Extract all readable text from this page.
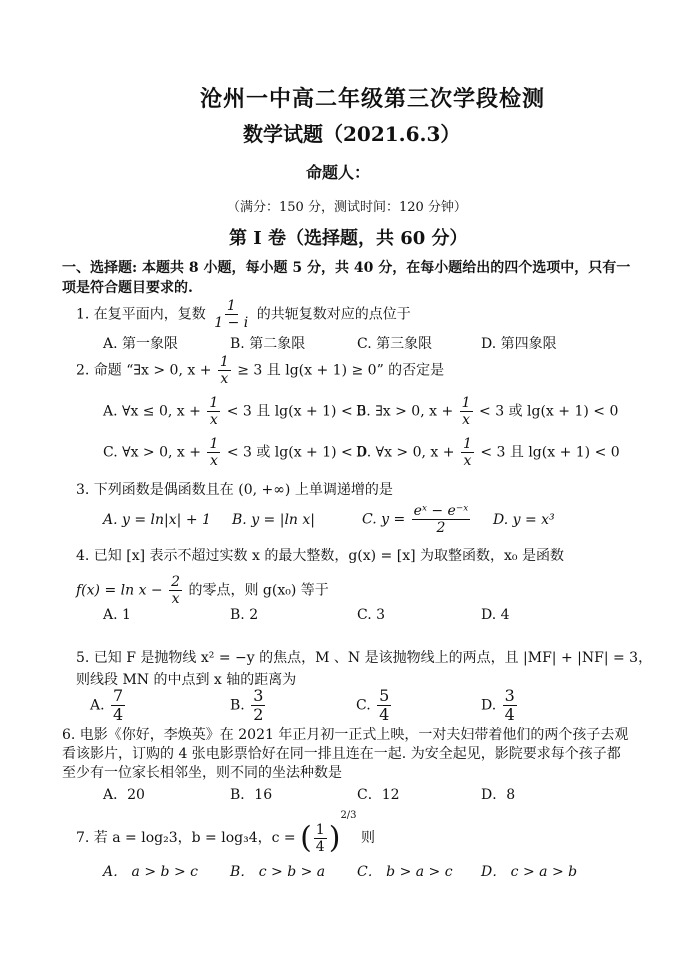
沧州一中高二年级第三次学段检测
数学试题（2021.6.3）
命题人：
（满分：150 分，测试时间：120 分钟）
第 I 卷（选择题，共 60 分）
一、选择题: 本题共 8 小题，每小题 5 分，共 40 分，在每小题给出的四个选项中，只有一项是符合题目要求的.
1. 在复平面内，复数 $\frac{1}{1 - i}$ 的共轭复数对应的点位于
A. 第一象限	B. 第二象限	C. 第三象限	D. 第四象限
2. 命题 “∃x > 0, $x + \frac{1}{x} \ge 3$ 且 lg(x + 1) ≥ 0” 的否定是
A. ∀x ≤ 0, $x + \frac{1}{x} < 3$ 且 lg(x + 1) < 0
B. ∃x > 0, $x + \frac{1}{x} < 3$ 或 lg(x + 1) < 0
C. ∀x > 0, $x + \frac{1}{x} < 3$ 或 lg(x + 1) < 0
D. ∀x > 0, $x + \frac{1}{x} < 3$ 且 lg(x + 1) < 0
3. 下列函数是偶函数且在 (0, +∞) 上单调递增的是
A. y = ln|x| + 1 B. y = |ln x|	C. $y = \frac{\text{eˣ − e⁻ˣ}}{2} D$. y = x³
4. 已知 [x] 表示不超过实数 x 的最大整数，g(x) = [x] 为取整函数，x₀ 是函数
$f(x) = \ln x - \frac{2}{x}$ 的零点，则 g(x₀) 等于
A. 1	B. 2	C. 3	D. 4
5. 已知 F 是抛物线 x² = −y 的焦点，M 、N 是该抛物线上的两点，且 |MF| + |NF| = 3，
则线段 MN 的中点到 x 轴的距离为
A. $\frac{7}{4}$	B. $\frac{3}{2}$	C. $\frac{5}{4}$	D. $\frac{3}{4}$
6. 电影《你好，李焕英》在 2021 年正月初一正式上映，一对夫妇带着他们的两个孩子去观看该影片，订购的 4 张电影票恰好在同一排且连在一起. 为安全起见，影院要求每个孩子都至少有一位家长相邻坐，则不同的坐法种数是
A．20	B．16	C．12	D．8
7. 若 a = log₂3，b = log₃4，c = ( $\frac{1}{4} )^{2/3}$ 则
A． a > b > c B． c > b > a C． b > a > c D． c > a > b
